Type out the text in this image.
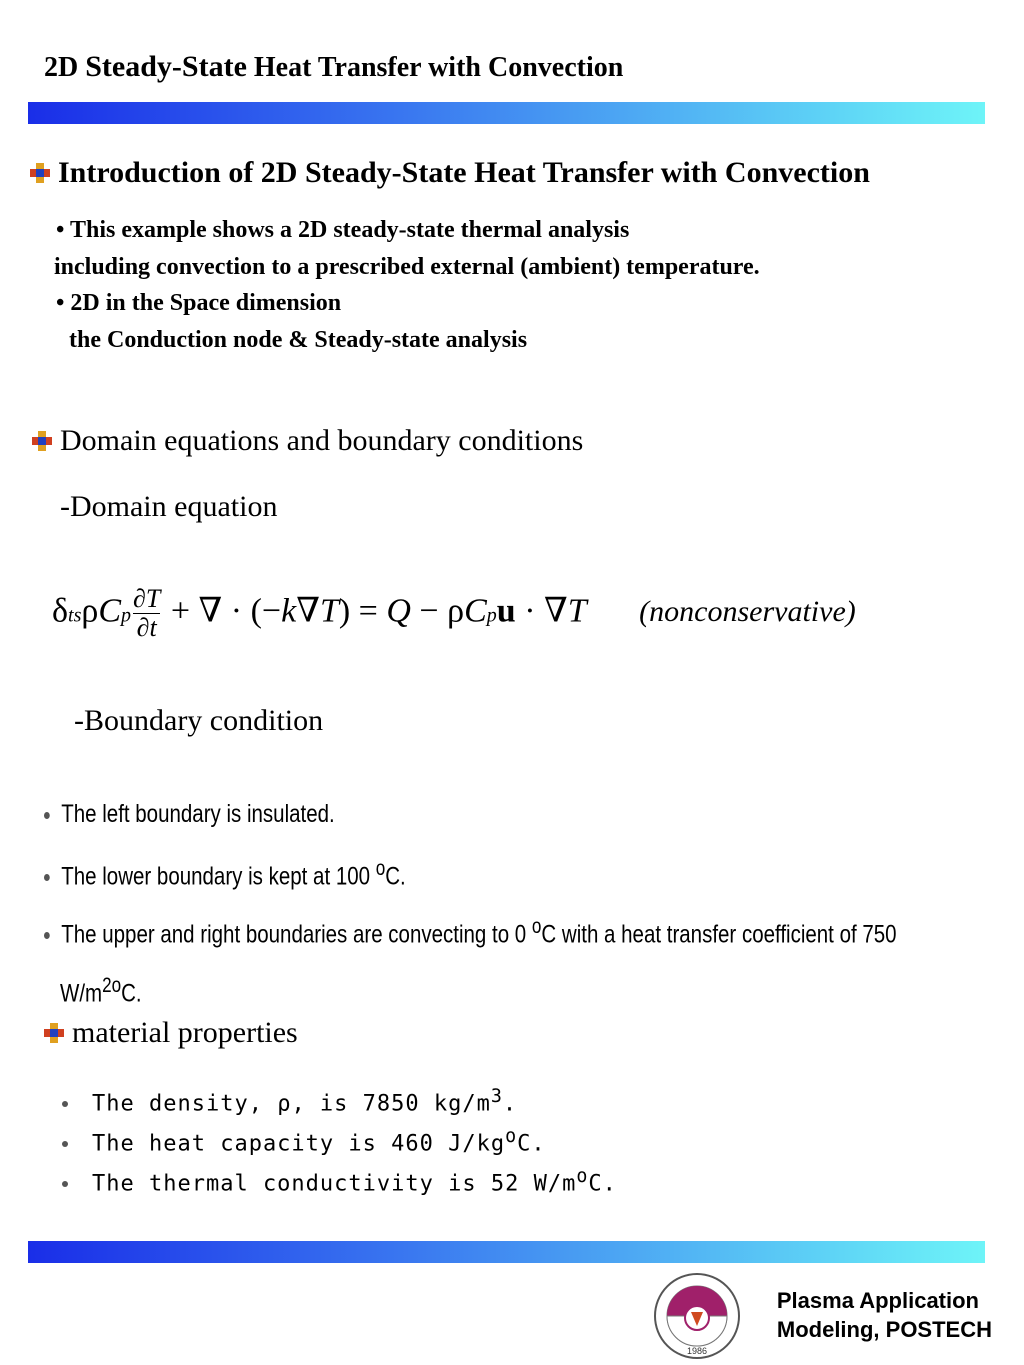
2D Steady-State Heat Transfer with Convection
Introduction of 2D Steady-State Heat Transfer with Convection
• This example shows a 2D steady-state thermal analysis
including convection to a prescribed external (ambient) temperature.
• 2D in the Space dimension
the Conduction node & Steady-state analysis
Domain equations and boundary conditions
-Domain equation
δtsρCp $\frac{\partial T}{\partial t}$ + ∇ · (−k∇T) = Q − ρCpu · ∇T (nonconservative)
-Boundary condition
The left boundary is insulated.
The lower boundary is kept at 100 $^o$C.
The upper and right boundaries are convecting to 0 $^o$C with a heat transfer coefficient of 750
$W/m^{2o}C$.
material properties
The density, ρ, is 7850 $kg/m^3$.
The heat capacity is 460 $J/kg^oC$.
The thermal conductivity is 52 $W/m^oC$.
1986
Plasma Application
Modeling, POSTECH
